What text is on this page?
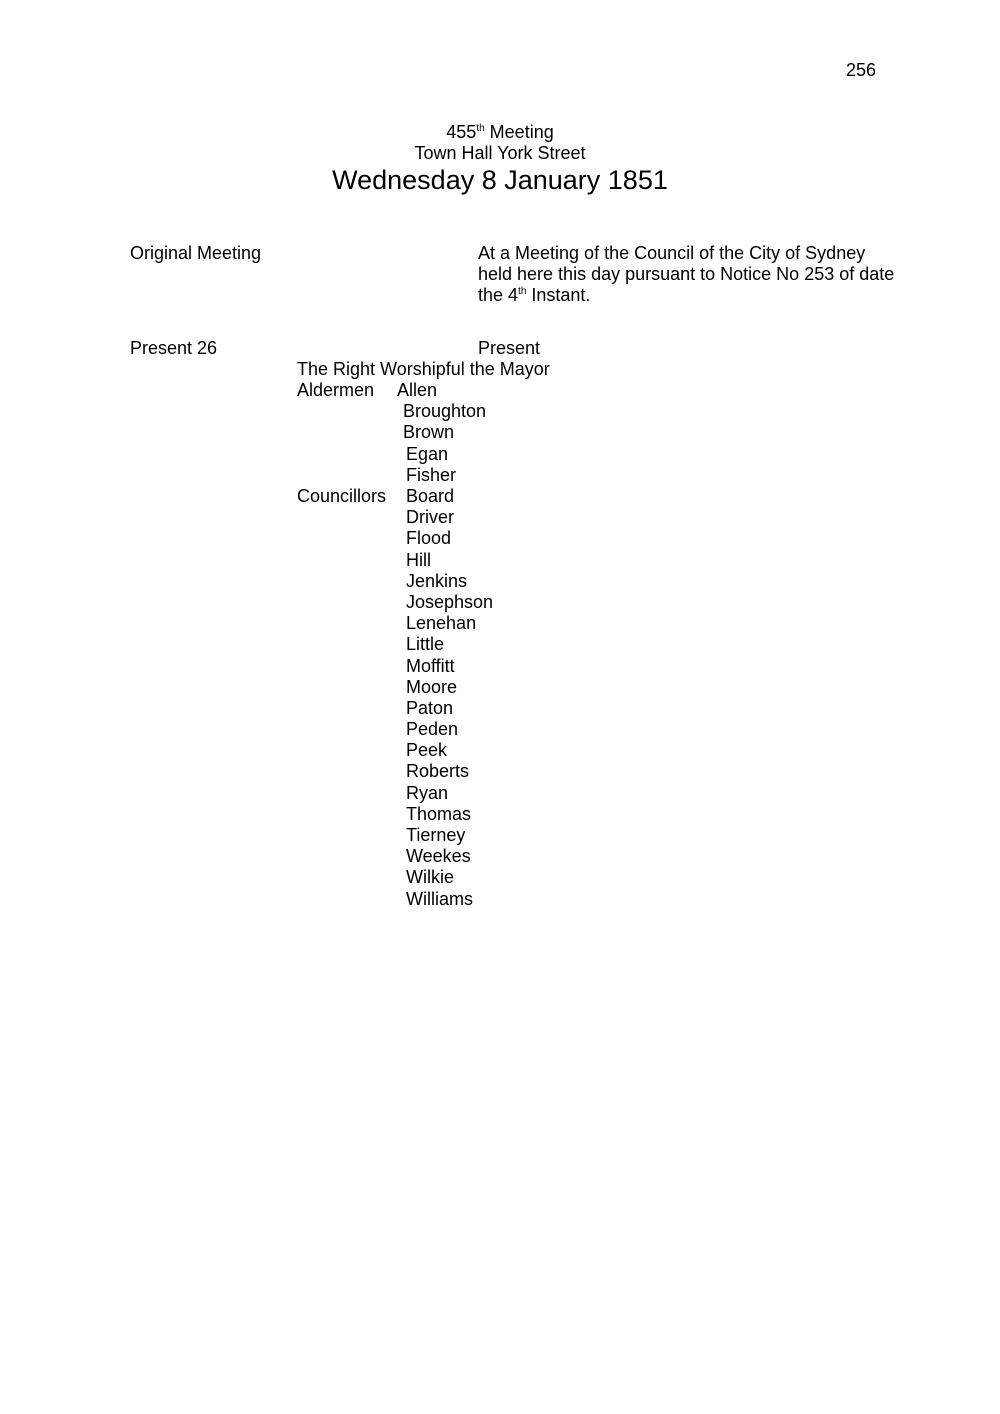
256
455th Meeting
Town Hall York Street
Wednesday 8 January 1851
Original Meeting	At a Meeting of the Council of the City of Sydney
held here this day pursuant to Notice No 253 of date
the 4th Instant.
Present 26	Present
The Right Worshipful the Mayor
Aldermen Allen
Broughton
Brown
Egan
Fisher
Councillors Board
Driver
Flood
Hill
Jenkins
Josephson
Lenehan
Little
Moffitt
Moore
Paton
Peden
Peek
Roberts
Ryan
Thomas
Tierney
Weekes
Wilkie
Williams
